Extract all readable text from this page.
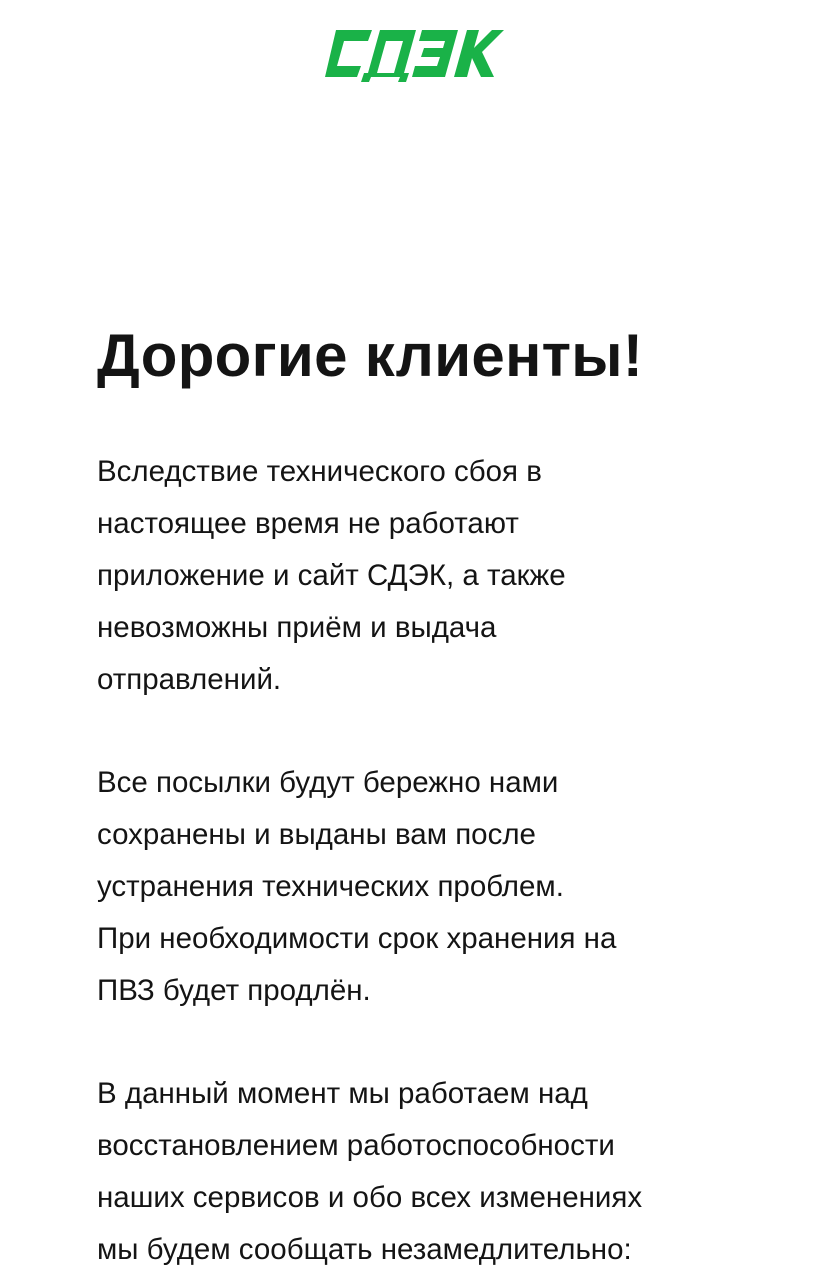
Дорогие клиенты!

Вследствие технического сбоя в
настоящее время не работают
приложение и сайт СДЭК, а также
невозможны приём и выдача
отправлений.

Все посылки будут бережно нами
сохранены и выданы вам после
устранения технических проблем.
При необходимости срок хранения на
ПВЗ будет продлён.

В данный момент мы работаем над
восстановлением работоспособности
наших сервисов и обо всех изменениях
мы будем сообщать незамедлительно:
